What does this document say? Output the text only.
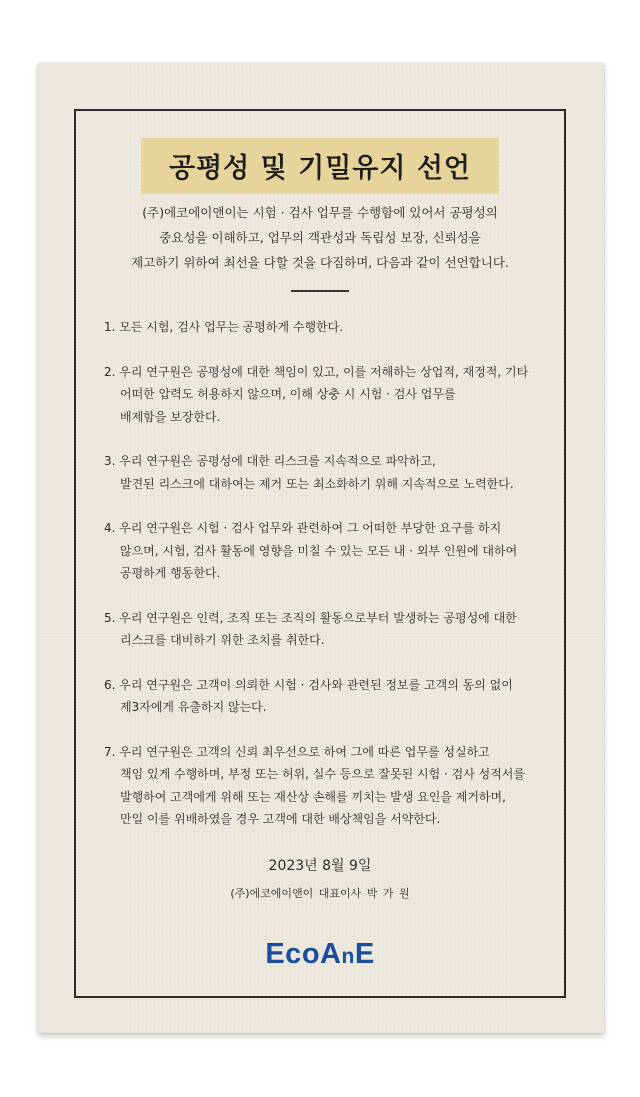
공평성 및 기밀유지 선언
(주)에코에이앤이는 시험 · 검사 업무를 수행함에 있어서 공평성의
중요성을 이해하고, 업무의 객관성과 독립성 보장, 신뢰성을
제고하기 위하여 최선을 다할 것을 다짐하며, 다음과 같이 선언합니다.
1. 모든 시험, 검사 업무는 공평하게 수행한다.
2. 우리 연구원은 공평성에 대한 책임이 있고, 이를 저해하는 상업적, 재정적, 기타
어떠한 압력도 허용하지 않으며, 이해 상충 시 시험 · 검사 업무를
배제함을 보장한다.
3. 우리 연구원은 공평성에 대한 리스크를 지속적으로 파악하고,
발견된 리스크에 대하여는 제거 또는 최소화하기 위해 지속적으로 노력한다.
4. 우리 연구원은 시험 · 검사 업무와 관련하여 그 어떠한 부당한 요구를 하지
않으며, 시험, 검사 활동에 영향을 미칠 수 있는 모든 내 · 외부 인원에 대하여
공평하게 행동한다.
5. 우리 연구원은 인력, 조직 또는 조직의 활동으로부터 발생하는 공평성에 대한
리스크를 대비하기 위한 조치를 취한다.
6. 우리 연구원은 고객이 의뢰한 시험 · 검사와 관련된 정보를 고객의 동의 없이
제3자에게 유출하지 않는다.
7. 우리 연구원은 고객의 신뢰 최우선으로 하여 그에 따른 업무를 성실하고
책임 있게 수행하며, 부정 또는 허위, 실수 등으로 잘못된 시험 · 검사 성적서를
발행하여 고객에게 위해 또는 재산상 손해를 끼치는 발생 요인을 제거하며,
만일 이를 위배하였을 경우 고객에 대한 배상책임을 서약한다.
2023년 8월 9일
(주)에코에이앤이 대표이사 박 가 원
EcoAnE
